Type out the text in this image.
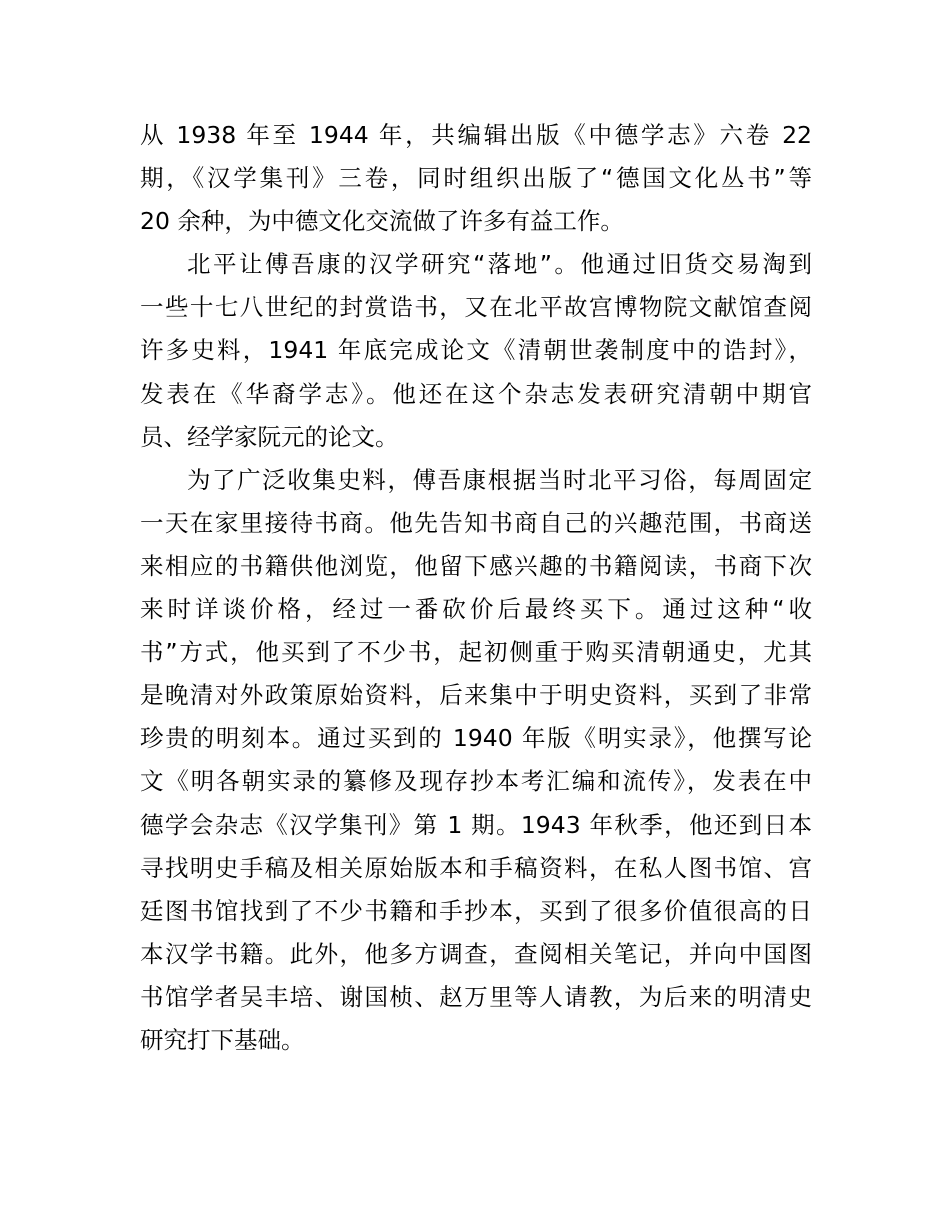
从 1938 年至 1944 年，共编辑出版《中德学志》六卷 22
期，《汉学集刊》三卷，同时组织出版了“德国文化丛书”等
20 余种，为中德文化交流做了许多有益工作。
北平让傅吾康的汉学研究“落地”。他通过旧货交易淘到
一些十七八世纪的封赏诰书，又在北平故宫博物院文献馆查阅
许多史料，1941 年底完成论文《清朝世袭制度中的诰封》，
发表在《华裔学志》。他还在这个杂志发表研究清朝中期官
员、经学家阮元的论文。
为了广泛收集史料，傅吾康根据当时北平习俗，每周固定
一天在家里接待书商。他先告知书商自己的兴趣范围，书商送
来相应的书籍供他浏览，他留下感兴趣的书籍阅读，书商下次
来时详谈价格，经过一番砍价后最终买下。通过这种“收
书”方式，他买到了不少书，起初侧重于购买清朝通史，尤其
是晚清对外政策原始资料，后来集中于明史资料，买到了非常
珍贵的明刻本。通过买到的 1940 年版《明实录》，他撰写论
文《明各朝实录的纂修及现存抄本考汇编和流传》，发表在中
德学会杂志《汉学集刊》第 1 期。1943 年秋季，他还到日本
寻找明史手稿及相关原始版本和手稿资料，在私人图书馆、宫
廷图书馆找到了不少书籍和手抄本，买到了很多价值很高的日
本汉学书籍。此外，他多方调查，查阅相关笔记，并向中国图
书馆学者吴丰培、谢国桢、赵万里等人请教，为后来的明清史
研究打下基础。
